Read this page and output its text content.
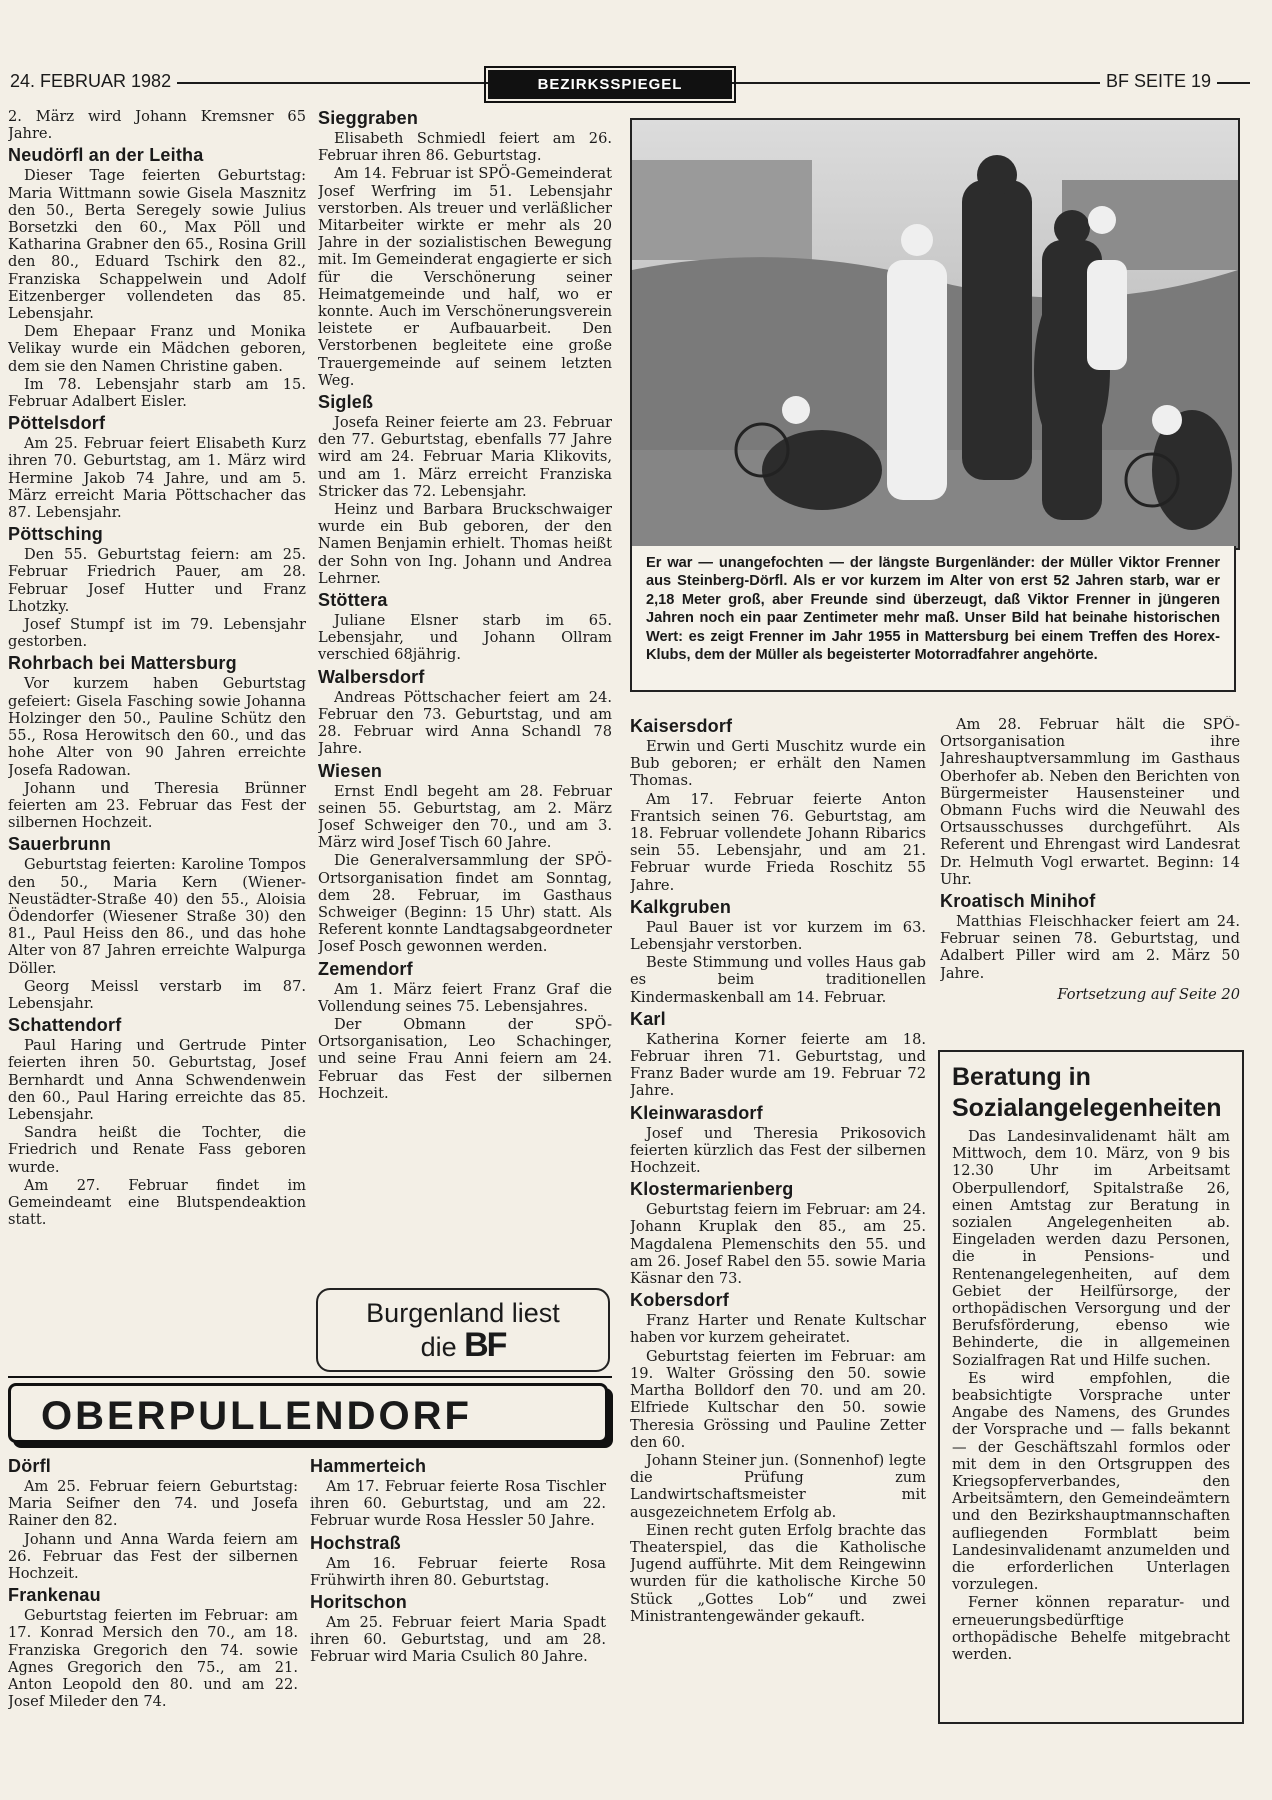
24. FEBRUAR 1982	BEZIRKSSPIEGEL	BF SEITE 19

2. März wird Johann Kremsner 65 Jahre.

Neudörfl an der Leitha

Dieser Tage feierten Geburtstag: Maria Wittmann sowie Gisela Masznitz den 50., Berta Seregely sowie Julius Borsetzki den 60., Max Pöll und Katharina Grabner den 65., Rosina Grill den 80., Eduard Tschirk den 82., Franziska Schappelwein und Adolf Eitzenberger vollendeten das 85. Lebensjahr.

Dem Ehepaar Franz und Monika Velikay wurde ein Mädchen geboren, dem sie den Namen Christine gaben.

Im 78. Lebensjahr starb am 15. Februar Adalbert Eisler.

Pöttelsdorf

Am 25. Februar feiert Elisabeth Kurz ihren 70. Geburtstag, am 1. März wird Hermine Jakob 74 Jahre, und am 5. März erreicht Maria Pöttschacher das 87. Lebensjahr.

Pöttsching

Den 55. Geburtstag feiern: am 25. Februar Friedrich Pauer, am 28. Februar Josef Hutter und Franz Lhotzky.

Josef Stumpf ist im 79. Lebensjahr gestorben.

Rohrbach bei Mattersburg

Vor kurzem haben Geburtstag gefeiert: Gisela Fasching sowie Johanna Holzinger den 50., Pauline Schütz den 55., Rosa Herowitsch den 60., und das hohe Alter von 90 Jahren erreichte Josefa Radowan.

Johann und Theresia Brünner feierten am 23. Februar das Fest der silbernen Hochzeit.

Sauerbrunn

Geburtstag feierten: Karoline Tompos den 50., Maria Kern (Wiener-Neustädter-Straße 40) den 55., Aloisia Ödendorfer (Wiesener Straße 30) den 81., Paul Heiss den 86., und das hohe Alter von 87 Jahren erreichte Walpurga Döller.

Georg Meissl verstarb im 87. Lebensjahr.

Schattendorf

Paul Haring und Gertrude Pinter feierten ihren 50. Geburtstag, Josef Bernhardt und Anna Schwendenwein den 60., Paul Haring erreichte das 85. Lebensjahr.

Sandra heißt die Tochter, die Friedrich und Renate Fass geboren wurde.

Am 27. Februar findet im Gemeindeamt eine Blutspendeaktion statt.

Sieggraben

Elisabeth Schmiedl feiert am 26. Februar ihren 86. Geburtstag.

Am 14. Februar ist SPÖ-Gemeinderat Josef Werfring im 51. Lebensjahr verstorben. Als treuer und verläßlicher Mitarbeiter wirkte er mehr als 20 Jahre in der sozialistischen Bewegung mit. Im Gemeinderat engagierte er sich für die Verschönerung seiner Heimatgemeinde und half, wo er konnte. Auch im Verschönerungsverein leistete er Aufbauarbeit. Den Verstorbenen begleitete eine große Trauergemeinde auf seinem letzten Weg.

Sigleß

Josefa Reiner feierte am 23. Februar den 77. Geburtstag, ebenfalls 77 Jahre wird am 24. Februar Maria Klikovits, und am 1. März erreicht Franziska Stricker das 72. Lebensjahr.

Heinz und Barbara Bruckschwaiger wurde ein Bub geboren, der den Namen Benjamin erhielt. Thomas heißt der Sohn von Ing. Johann und Andrea Lehrner.

Stöttera

Juliane Elsner starb im 65. Lebensjahr, und Johann Ollram verschied 68jährig.

Walbersdorf

Andreas Pöttschacher feiert am 24. Februar den 73. Geburtstag, und am 28. Februar wird Anna Schandl 78 Jahre.

Wiesen

Ernst Endl begeht am 28. Februar seinen 55. Geburtstag, am 2. März Josef Schweiger den 70., und am 3. März wird Josef Tisch 60 Jahre.

Die Generalversammlung der SPÖ-Ortsorganisation findet am Sonntag, dem 28. Februar, im Gasthaus Schweiger (Beginn: 15 Uhr) statt. Als Referent konnte Landtagsabgeordneter Josef Posch gewonnen werden.

Zemendorf

Am 1. März feiert Franz Graf die Vollendung seines 75. Lebensjahres.

Der Obmann der SPÖ-Ortsorganisation, Leo Schachinger, und seine Frau Anni feiern am 24. Februar das Fest der silbernen Hochzeit.

Burgenland liest
die BF
Er war — unangefochten — der längste Burgenländer: der Müller Viktor Frenner aus Steinberg-Dörfl. Als er vor kurzem im Alter von erst 52 Jahren starb, war er 2,18 Meter groß, aber Freunde sind überzeugt, daß Viktor Frenner in jüngeren Jahren noch ein paar Zentimeter mehr maß. Unser Bild hat beinahe historischen Wert: es zeigt Frenner im Jahr 1955 in Mattersburg bei einem Treffen des Horex-Klubs, dem der Müller als begeisterter Motorradfahrer angehörte.
Kaisersdorf

Erwin und Gerti Muschitz wurde ein Bub geboren; er erhält den Namen Thomas.

Am 17. Februar feierte Anton Frantsich seinen 76. Geburtstag, am 18. Februar vollendete Johann Ribarics sein 55. Lebensjahr, und am 21. Februar wurde Frieda Roschitz 55 Jahre.

Kalkgruben

Paul Bauer ist vor kurzem im 63. Lebensjahr verstorben.

Beste Stimmung und volles Haus gab es beim traditionellen Kindermaskenball am 14. Februar.

Karl

Katherina Korner feierte am 18. Februar ihren 71. Geburtstag, und Franz Bader wurde am 19. Februar 72 Jahre.

Kleinwarasdorf

Josef und Theresia Prikosovich feierten kürzlich das Fest der silbernen Hochzeit.

Klostermarienberg

Geburtstag feiern im Februar: am 24. Johann Kruplak den 85., am 25. Magdalena Plemenschits den 55. und am 26. Josef Rabel den 55. sowie Maria Käsnar den 73.

Kobersdorf

Franz Harter und Renate Kultschar haben vor kurzem geheiratet.

Geburtstag feierten im Februar: am 19. Walter Grössing den 50. sowie Martha Bolldorf den 70. und am 20. Elfriede Kultschar den 50. sowie Theresia Grössing und Pauline Zetter den 60.

Johann Steiner jun. (Sonnenhof) legte die Prüfung zum Landwirtschaftsmeister mit ausgezeichnetem Erfolg ab.

Einen recht guten Erfolg brachte das Theaterspiel, das die Katholische Jugend aufführte. Mit dem Reingewinn wurden für die katholische Kirche 50 Stück „Gottes Lob“ und zwei Ministrantengewänder gekauft.

Am 28. Februar hält die SPÖ-Ortsorganisation ihre Jahreshauptversammlung im Gasthaus Oberhofer ab. Neben den Berichten von Bürgermeister Hausensteiner und Obmann Fuchs wird die Neuwahl des Ortsausschusses durchgeführt. Als Referent und Ehrengast wird Landesrat Dr. Helmuth Vogl erwartet. Beginn: 14 Uhr.

Kroatisch Minihof

Matthias Fleischhacker feiert am 24. Februar seinen 78. Geburtstag, und Adalbert Piller wird am 2. März 50 Jahre.

Fortsetzung auf Seite 20
Beratung in Sozialangelegenheiten

Das Landesinvalidenamt hält am Mittwoch, dem 10. März, von 9 bis 12.30 Uhr im Arbeitsamt Oberpullendorf, Spitalstraße 26, einen Amtstag zur Beratung in sozialen Angelegenheiten ab. Eingeladen werden dazu Personen, die in Pensions- und Rentenangelegenheiten, auf dem Gebiet der Heilfürsorge, der orthopädischen Versorgung und der Berufsförderung, ebenso wie Behinderte, die in allgemeinen Sozialfragen Rat und Hilfe suchen.

Es wird empfohlen, die beabsichtigte Vorsprache unter Angabe des Namens, des Grundes der Vorsprache und — falls bekannt — der Geschäftszahl formlos oder mit dem in den Ortsgruppen des Kriegsopferverbandes, den Arbeitsämtern, den Gemeindeämtern und den Bezirkshauptmannschaften aufliegenden Formblatt beim Landesinvalidenamt anzumelden und die erforderlichen Unterlagen vorzulegen.

Ferner können reparatur- und erneuerungsbedürftige orthopädische Behelfe mitgebracht werden.

OBERPULLENDORF
Dörfl

Am 25. Februar feiern Geburtstag: Maria Seifner den 74. und Josefa Rainer den 82.

Johann und Anna Warda feiern am 26. Februar das Fest der silbernen Hochzeit.

Frankenau

Geburtstag feierten im Februar: am 17. Konrad Mersich den 70., am 18. Franziska Gregorich den 74. sowie Agnes Gregorich den 75., am 21. Anton Leopold den 80. und am 22. Josef Mileder den 74.

Hammerteich

Am 17. Februar feierte Rosa Tischler ihren 60. Geburtstag, und am 22. Februar wurde Rosa Hessler 50 Jahre.

Hochstraß

Am 16. Februar feierte Rosa Frühwirth ihren 80. Geburtstag.

Horitschon

Am 25. Februar feiert Maria Spadt ihren 60. Geburtstag, und am 28. Februar wird Maria Csulich 80 Jahre.
